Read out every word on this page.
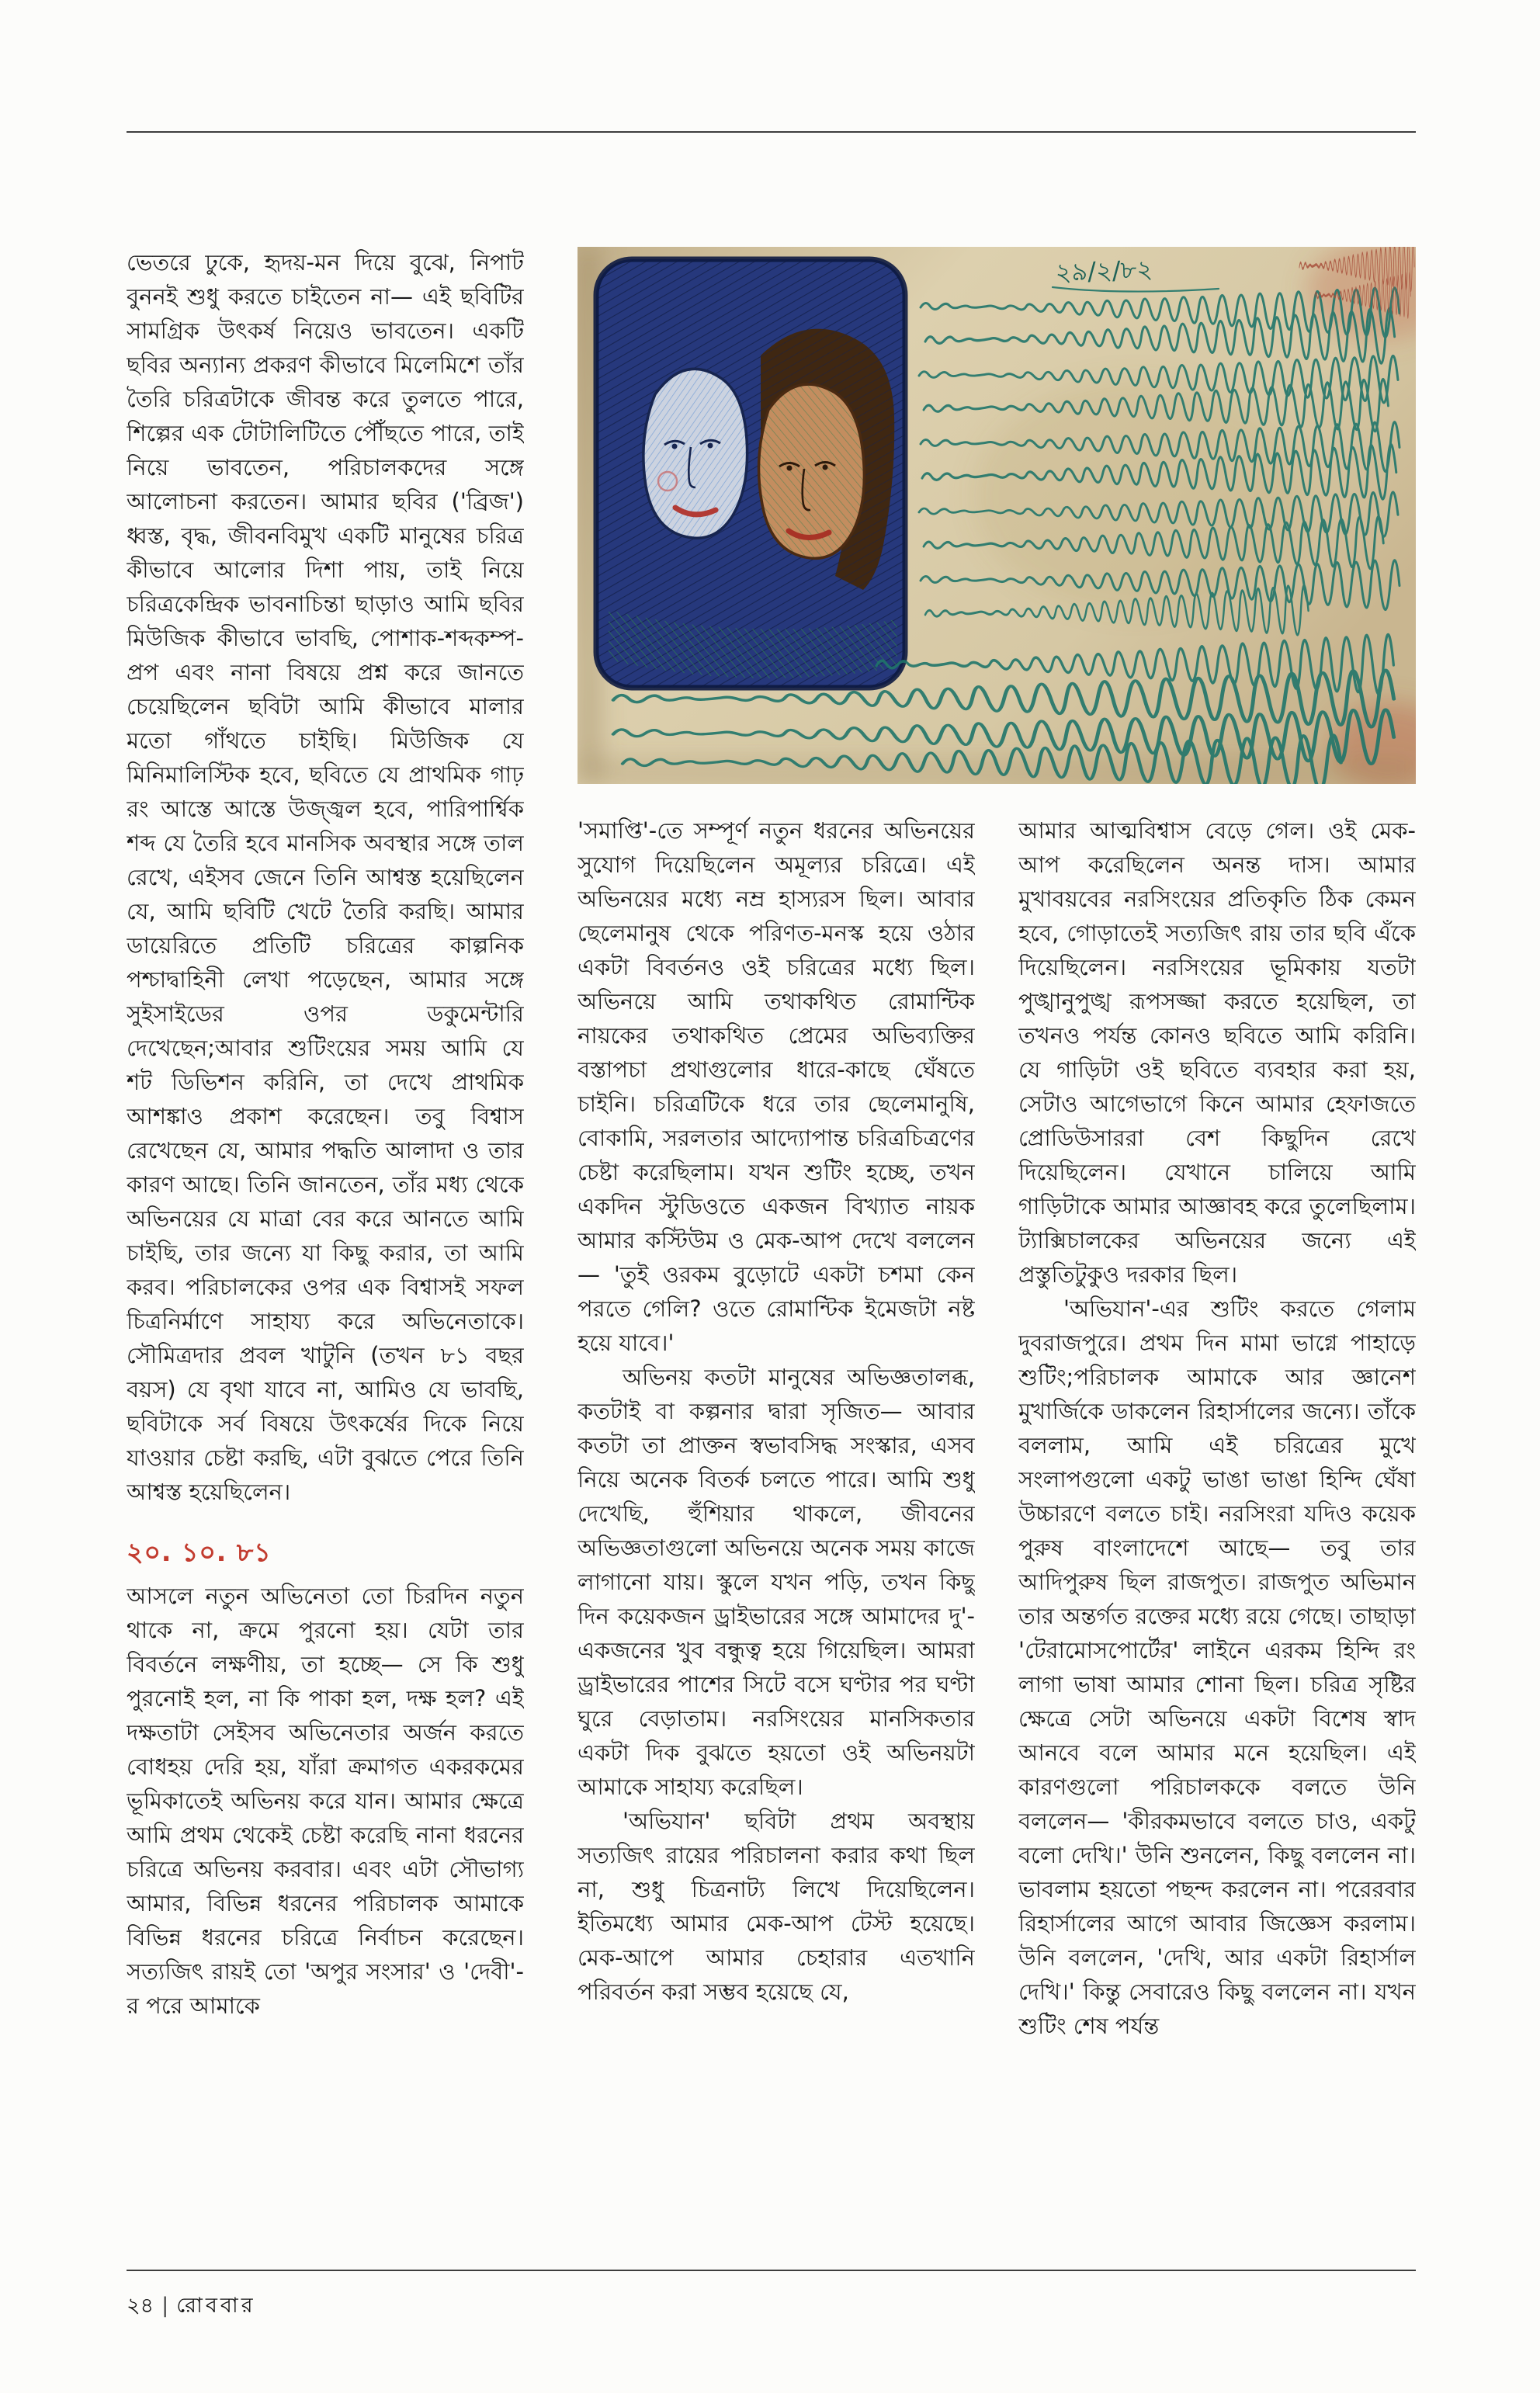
২৯/২/৮২

ভেতরে ঢুকে, হৃদয়-মন দিয়ে বুঝে, নিপাট বুননই শুধু করতে চাইতেন না— এই ছবিটির সামগ্রিক উৎকর্ষ নিয়েও ভাবতেন। একটি ছবির অন্যান্য প্রকরণ কীভাবে মিলেমিশে তাঁর তৈরি চরিত্রটাকে জীবন্ত করে তুলতে পারে, শিল্পের এক টোটালিটিতে পৌঁছতে পারে, তাই নিয়ে ভাবতেন, পরিচালকদের সঙ্গে আলোচনা করতেন। আমার ছবির ('ব্রিজ') ধ্বস্ত, বৃদ্ধ, জীবনবিমুখ একটি মানুষের চরিত্র কীভাবে আলোর দিশা পায়, তাই নিয়ে চরিত্রকেন্দ্রিক ভাবনাচিন্তা ছাড়াও আমি ছবির মিউজিক কীভাবে ভাবছি, পোশাক-শব্দকম্প-প্রপ এবং নানা বিষয়ে প্রশ্ন করে জানতে চেয়েছিলেন ছবিটা আমি কীভাবে মালার মতো গাঁথতে চাইছি। মিউজিক যে মিনিমালিস্টিক হবে, ছবিতে যে প্রাথমিক গাঢ় রং আস্তে আস্তে উজ্জ্বল হবে, পারিপার্শ্বিক শব্দ যে তৈরি হবে মানসিক অবস্থার সঙ্গে তাল রেখে, এইসব জেনে তিনি আশ্বস্ত হয়েছিলেন যে, আমি ছবিটি খেটে তৈরি করছি। আমার ডায়েরিতে প্রতিটি চরিত্রের কাল্পনিক পশ্চাদ্বাহিনী লেখা পড়েছেন, আমার সঙ্গে সুইসাইডের ওপর ডকুমেন্টারি দেখেছেন;আবার শুটিংয়ের সময় আমি যে শট ডিভিশন করিনি, তা দেখে প্রাথমিক আশঙ্কাও প্রকাশ করেছেন। তবু বিশ্বাস রেখেছেন যে, আমার পদ্ধতি আলাদা ও তার কারণ আছে। তিনি জানতেন, তাঁর মধ্য থেকে অভিনয়ের যে মাত্রা বের করে আনতে আমি চাইছি, তার জন্যে যা কিছু করার, তা আমি করব। পরিচালকের ওপর এক বিশ্বাসই সফল চিত্রনির্মাণে সাহায্য করে অভিনেতাকে। সৌমিত্রদার প্রবল খাটুনি (তখন ৮১ বছর বয়স) যে বৃথা যাবে না, আমিও যে ভাবছি, ছবিটাকে সর্ব বিষয়ে উৎকর্ষের দিকে নিয়ে যাওয়ার চেষ্টা করছি, এটা বুঝতে পেরে তিনি আশ্বস্ত হয়েছিলেন।

২০. ১০. ৮১

আসলে নতুন অভিনেতা তো চিরদিন নতুন থাকে না, ক্রমে পুরনো হয়। যেটা তার বিবর্তনে লক্ষণীয়, তা হচ্ছে— সে কি শুধু পুরনোই হল, না কি পাকা হল, দক্ষ হল? এই দক্ষতাটা সেইসব অভিনেতার অর্জন করতে বোধহয় দেরি হয়, যাঁরা ক্রমাগত একরকমের ভূমিকাতেই অভিনয় করে যান। আমার ক্ষেত্রে আমি প্রথম থেকেই চেষ্টা করেছি নানা ধরনের চরিত্রে অভিনয় করবার। এবং এটা সৌভাগ্য আমার, বিভিন্ন ধরনের পরিচালক আমাকে বিভিন্ন ধরনের চরিত্রে নির্বাচন করেছেন। সত্যজিৎ রায়ই তো 'অপুর সংসার' ও 'দেবী'-র পরে আমাকে

'সমাপ্তি'-তে সম্পূর্ণ নতুন ধরনের অভিনয়ের সুযোগ দিয়েছিলেন অমূল্যর চরিত্রে। এই অভিনয়ের মধ্যে নম্র হাস্যরস ছিল। আবার ছেলেমানুষ থেকে পরিণত-মনস্ক হয়ে ওঠার একটা বিবর্তনও ওই চরিত্রের মধ্যে ছিল। অভিনয়ে আমি তথাকথিত রোমান্টিক নায়কের তথাকথিত প্রেমের অভিব্যক্তির বস্তাপচা প্রথাগুলোর ধারে-কাছে ঘেঁষতে চাইনি। চরিত্রটিকে ধরে তার ছেলেমানুষি, বোকামি, সরলতার আদ্যোপান্ত চরিত্রচিত্রণের চেষ্টা করেছিলাম। যখন শুটিং হচ্ছে, তখন একদিন স্টুডিওতে একজন বিখ্যাত নায়ক আমার কস্টিউম ও মেক-আপ দেখে বললেন— 'তুই ওরকম বুড়োটে একটা চশমা কেন পরতে গেলি? ওতে রোমান্টিক ইমেজটা নষ্ট হয়ে যাবে।'

অভিনয় কতটা মানুষের অভিজ্ঞতালব্ধ, কতটাই বা কল্পনার দ্বারা সৃজিত— আবার কতটা তা প্রাক্তন স্বভাবসিদ্ধ সংস্কার, এসব নিয়ে অনেক বিতর্ক চলতে পারে। আমি শুধু দেখেছি, হুঁশিয়ার থাকলে, জীবনের অভিজ্ঞতাগুলো অভিনয়ে অনেক সময় কাজে লাগানো যায়। স্কুলে যখন পড়ি, তখন কিছু দিন কয়েকজন ড্রাইভারের সঙ্গে আমাদের দু'-একজনের খুব বন্ধুত্ব হয়ে গিয়েছিল। আমরা ড্রাইভারের পাশের সিটে বসে ঘণ্টার পর ঘণ্টা ঘুরে বেড়াতাম। নরসিংয়ের মানসিকতার একটা দিক বুঝতে হয়তো ওই অভিনয়টা আমাকে সাহায্য করেছিল।

'অভিযান' ছবিটা প্রথম অবস্থায় সত্যজিৎ রায়ের পরিচালনা করার কথা ছিল না, শুধু চিত্রনাট্য লিখে দিয়েছিলেন। ইতিমধ্যে আমার মেক-আপ টেস্ট হয়েছে। মেক-আপে আমার চেহারার এতখানি পরিবর্তন করা সম্ভব হয়েছে যে,

আমার আত্মবিশ্বাস বেড়ে গেল। ওই মেক-আপ করেছিলেন অনন্ত দাস। আমার মুখাবয়বের নরসিংয়ের প্রতিকৃতি ঠিক কেমন হবে, গোড়াতেই সত্যজিৎ রায় তার ছবি এঁকে দিয়েছিলেন। নরসিংয়ের ভূমিকায় যতটা পুঙ্খানুপুঙ্খ রূপসজ্জা করতে হয়েছিল, তা তখনও পর্যন্ত কোনও ছবিতে আমি করিনি। যে গাড়িটা ওই ছবিতে ব্যবহার করা হয়, সেটাও আগেভাগে কিনে আমার হেফাজতে প্রোডিউসাররা বেশ কিছুদিন রেখে দিয়েছিলেন। যেখানে চালিয়ে আমি গাড়িটাকে আমার আজ্ঞাবহ করে তুলেছিলাম। ট্যাক্সিচালকের অভিনয়ের জন্যে এই প্রস্তুতিটুকুও দরকার ছিল।

'অভিযান'-এর শুটিং করতে গেলাম দুবরাজপুরে। প্রথম দিন মামা ভাগ্নে পাহাড়ে শুটিং;পরিচালক আমাকে আর জ্ঞানেশ মুখার্জিকে ডাকলেন রিহার্সালের জন্যে। তাঁকে বললাম, আমি এই চরিত্রের মুখে সংলাপগুলো একটু ভাঙা ভাঙা হিন্দি ঘেঁষা উচ্চারণে বলতে চাই। নরসিংরা যদিও কয়েক পুরুষ বাংলাদেশে আছে— তবু তার আদিপুরুষ ছিল রাজপুত। রাজপুত অভিমান তার অন্তর্গত রক্তের মধ্যে রয়ে গেছে। তাছাড়া 'টেরামোসপোর্টের' লাইনে এরকম হিন্দি রং লাগা ভাষা আমার শোনা ছিল। চরিত্র সৃষ্টির ক্ষেত্রে সেটা অভিনয়ে একটা বিশেষ স্বাদ আনবে বলে আমার মনে হয়েছিল। এই কারণগুলো পরিচালককে বলতে উনি বললেন— 'কীরকমভাবে বলতে চাও, একটু বলো দেখি।' উনি শুনলেন, কিছু বললেন না। ভাবলাম হয়তো পছন্দ করলেন না। পরেরবার রিহার্সালের আগে আবার জিজ্ঞেস করলাম। উনি বললেন, 'দেখি, আর একটা রিহার্সাল দেখি।' কিন্তু সেবারেও কিছু বললেন না। যখন শুটিং শেষ পর্যন্ত

২৪ | রোববার
